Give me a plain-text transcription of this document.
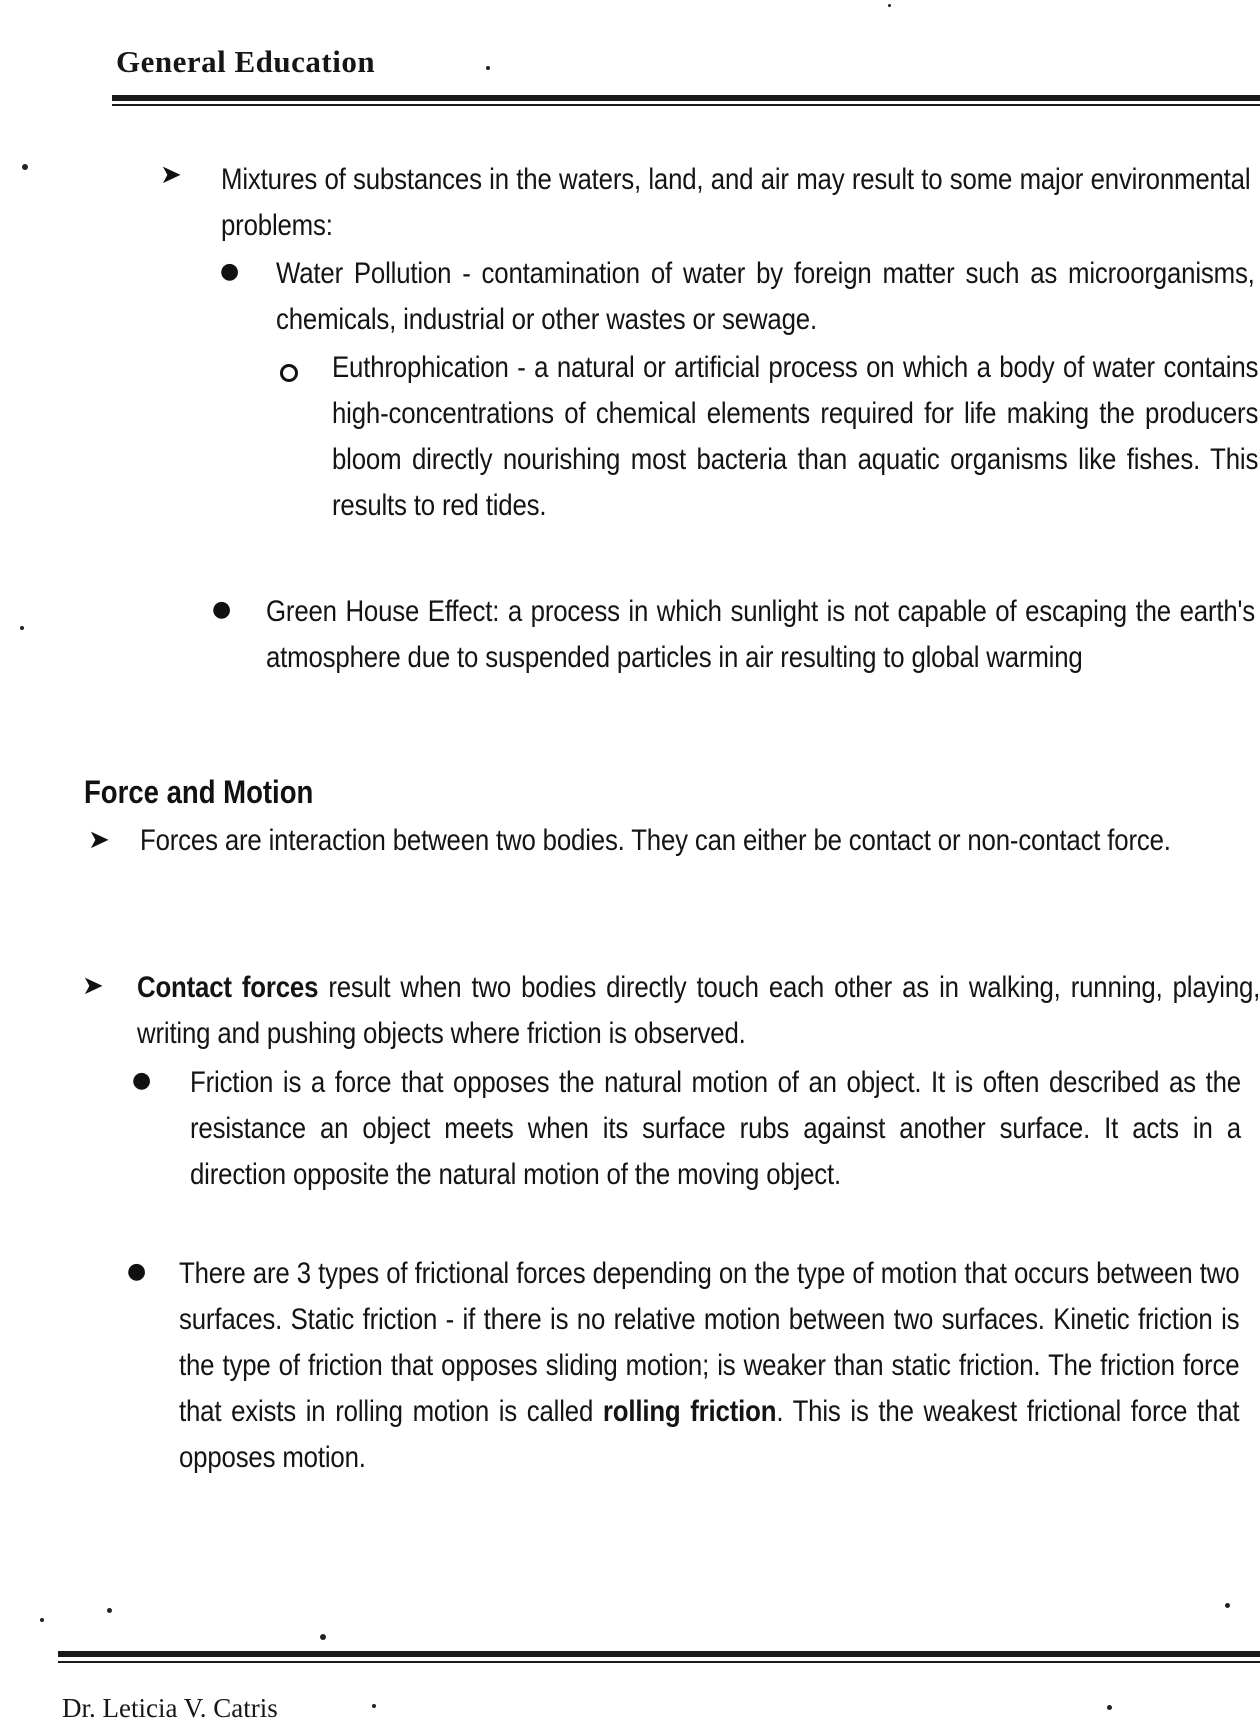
General Education
➤ Mixtures of substances in the waters, land, and air may result to some major environmental problems:
● Water Pollution - contamination of water by foreign matter such as microorganisms, chemicals, industrial or other wastes or sewage.
Euthrophication - a natural or artificial process on which a body of water contains high-concentrations of chemical elements required for life making the producers bloom directly nourishing most bacteria than aquatic organisms like fishes. This results to red tides.
● Green House Effect: a process in which sunlight is not capable of escaping the earth's atmosphere due to suspended particles in air resulting to global warming
Force and Motion
➤ Forces are interaction between two bodies. They can either be contact or non-contact force.
➤ Contact forces result when two bodies directly touch each other as in walking, running, playing, writing and pushing objects where friction is observed.
● Friction is a force that opposes the natural motion of an object. It is often described as the resistance an object meets when its surface rubs against another surface. It acts in a direction opposite the natural motion of the moving object.
● There are 3 types of frictional forces depending on the type of motion that occurs between two surfaces. Static friction - if there is no relative motion between two surfaces. Kinetic friction is the type of friction that opposes sliding motion; is weaker than static friction. The friction force that exists in rolling motion is called rolling friction. This is the weakest frictional force that opposes motion.
Dr. Leticia V. Catris
